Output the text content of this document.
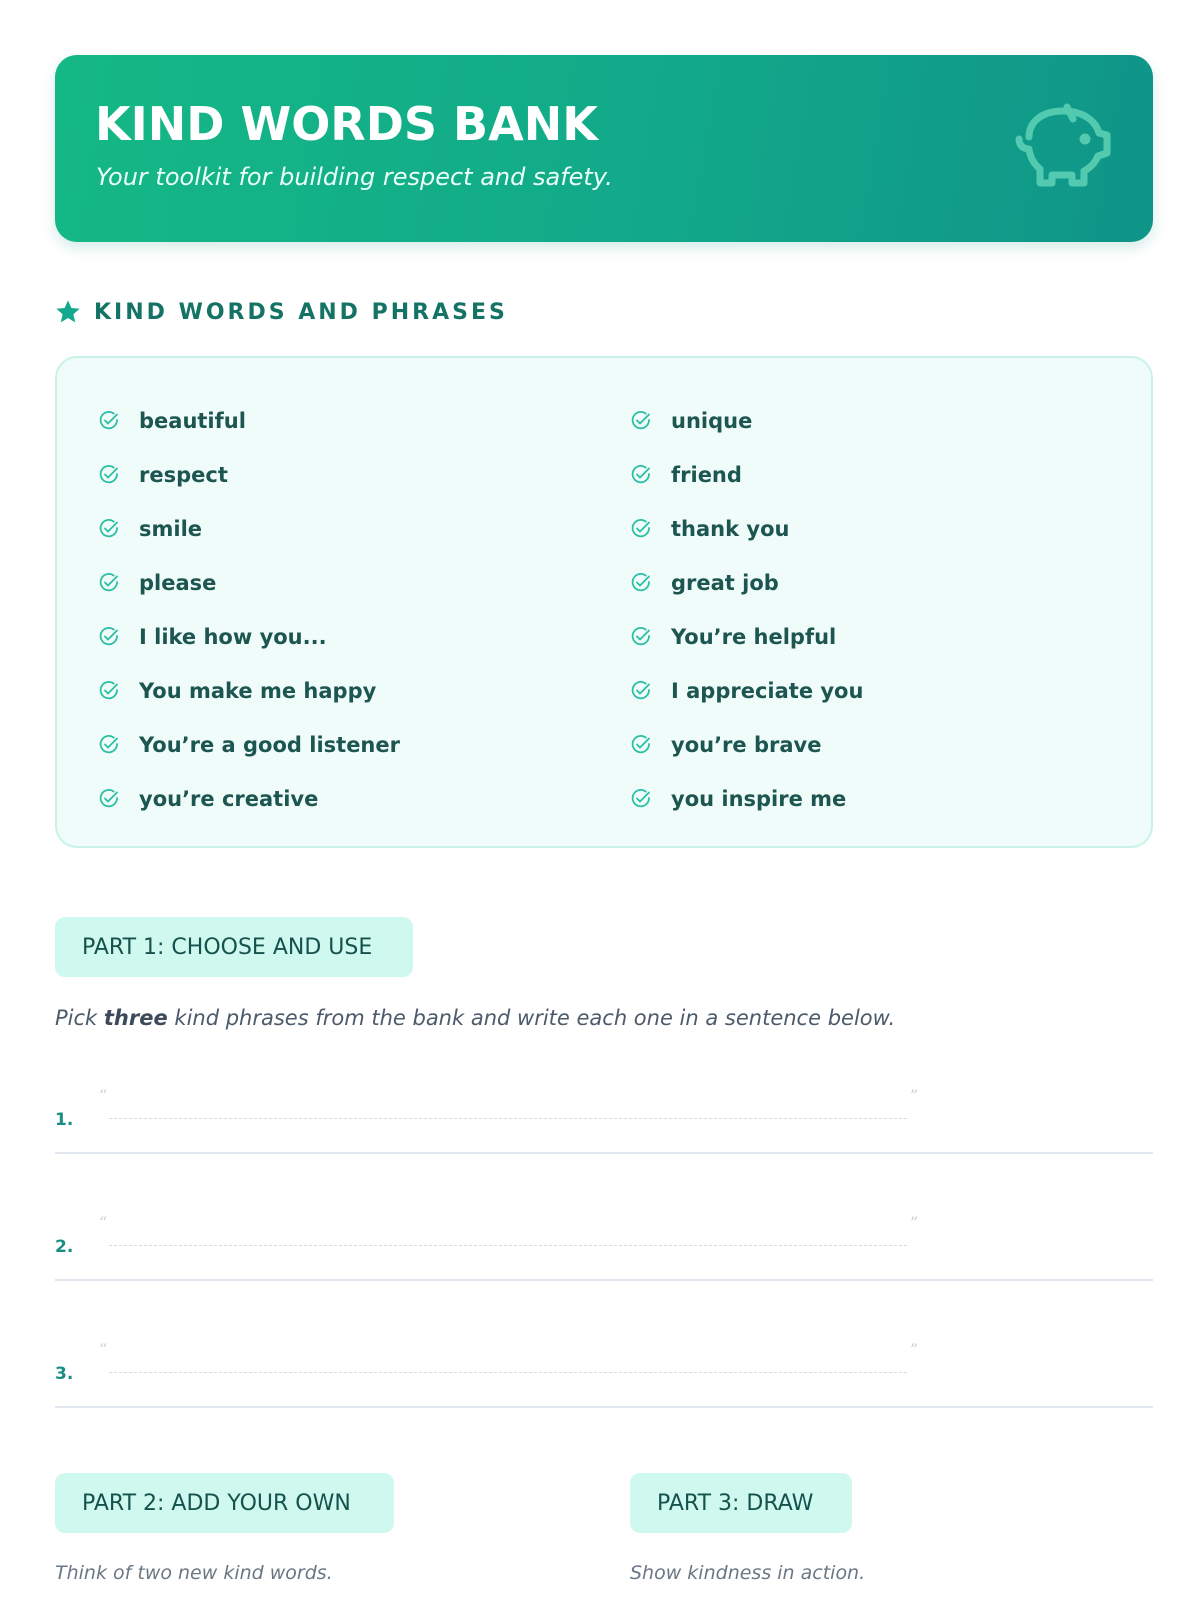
KIND WORDS BANK
Your toolkit for building respect and safety.
KIND WORDS AND PHRASES
beautiful
respect
smile
please
I like how you...
You make me happy
You’re a good listener
you’re creative
unique
friend
thank you
great job
You’re helpful
I appreciate you
you’re brave
you inspire me
PART 1: CHOOSE AND USE
Pick three kind phrases from the bank and write each one in a sentence below.
1.
“	”
2.
“	”
3.
“	”
PART 2: ADD YOUR OWN	PART 3: DRAW
Think of two new kind words.	Show kindness in action.
